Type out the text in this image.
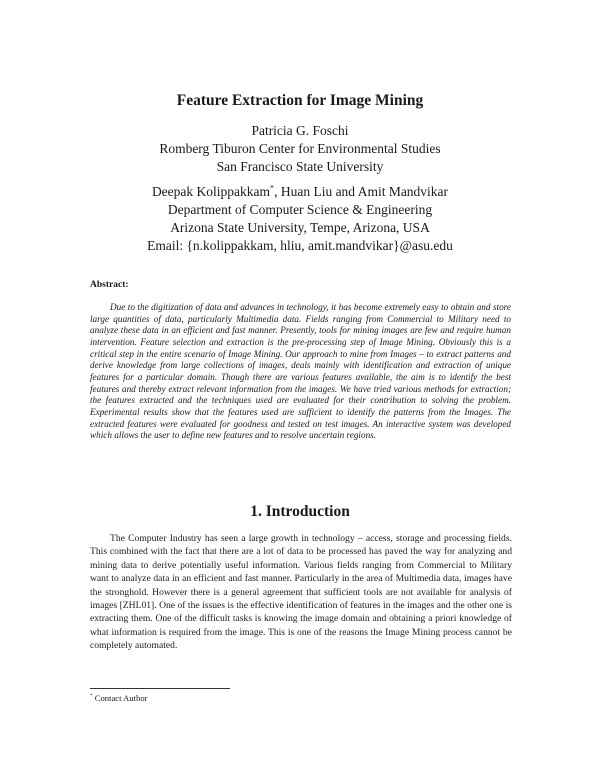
Feature Extraction for Image Mining
Patricia G. Foschi
Romberg Tiburon Center for Environmental Studies
San Francisco State University
Deepak Kolippakkam*, Huan Liu and Amit Mandvikar
Department of Computer Science & Engineering
Arizona State University, Tempe, Arizona, USA
Email: {n.kolippakkam, hliu, amit.mandvikar}@asu.edu
Abstract:

Due to the digitization of data and advances in technology, it has become extremely easy to obtain and store large quantities of data, particularly Multimedia data. Fields ranging from Commercial to Military need to analyze these data in an efficient and fast manner. Presently, tools for mining images are few and require human intervention. Feature selection and extraction is the pre-processing step of Image Mining. Obviously this is a critical step in the entire scenario of Image Mining. Our approach to mine from Images – to extract patterns and derive knowledge from large collections of images, deals mainly with identification and extraction of unique features for a particular domain. Though there are various features available, the aim is to identify the best features and thereby extract relevant information from the images. We have tried various methods for extraction; the features extracted and the techniques used are evaluated for their contribution to solving the problem. Experimental results show that the features used are sufficient to identify the patterns from the Images. The extracted features were evaluated for goodness and tested on test images. An interactive system was developed which allows the user to define new features and to resolve uncertain regions.

1. Introduction

The Computer Industry has seen a large growth in technology – access, storage and processing fields. This combined with the fact that there are a lot of data to be processed has paved the way for analyzing and mining data to derive potentially useful information. Various fields ranging from Commercial to Military want to analyze data in an efficient and fast manner. Particularly in the area of Multimedia data, images have the stronghold. However there is a general agreement that sufficient tools are not available for analysis of images [ZHL01]. One of the issues is the effective identification of features in the images and the other one is extracting them. One of the difficult tasks is knowing the image domain and obtaining a priori knowledge of what information is required from the image. This is one of the reasons the Image Mining process cannot be completely automated.

* Contact Author
